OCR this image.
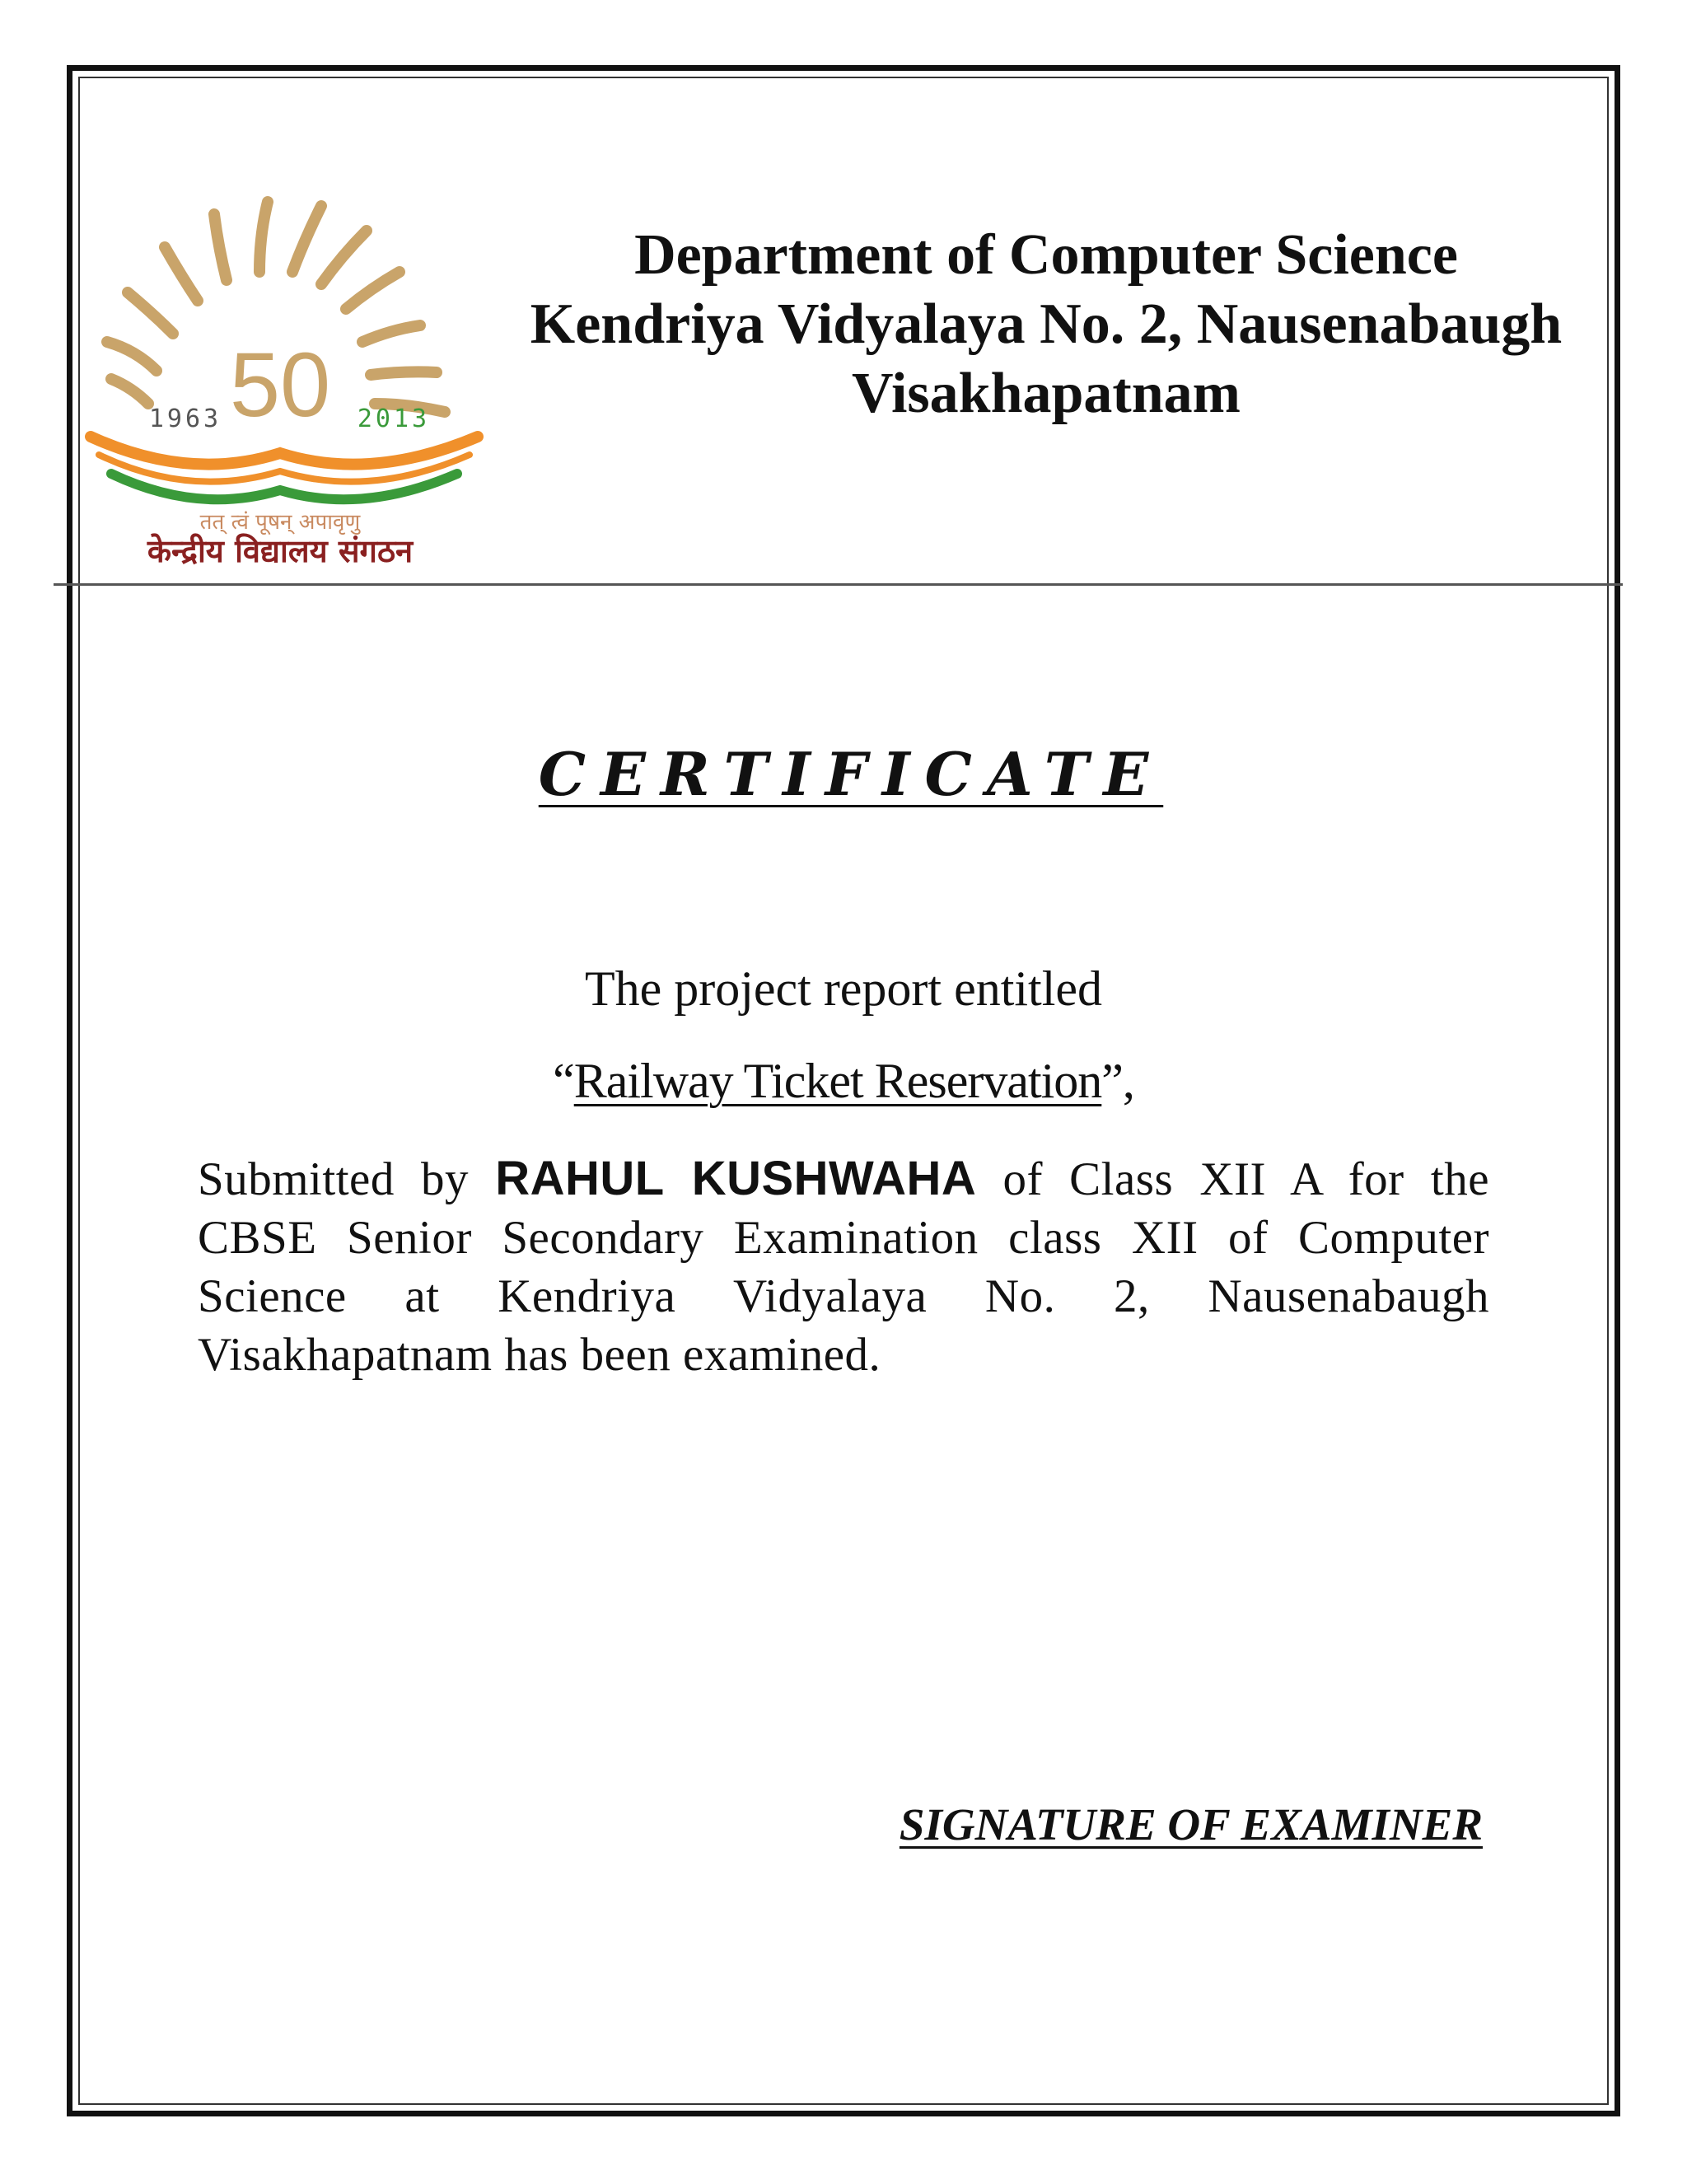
50
1963	2013
तत् त्वं पूषन् अपावृणु
केन्द्रीय विद्यालय संगठन
Department of Computer Science
Kendriya Vidyalaya No. 2, Nausenabaugh
Visakhapatnam
CERTIFICATE
The project report entitled
“Railway Ticket Reservation”,
Submitted by RAHUL KUSHWAHA of Class XII A for the CBSE Senior Secondary Examination class XII of Computer Science at Kendriya Vidyalaya No. 2, Nausenabaugh Visakhapatnam has been examined.
SIGNATURE OF EXAMINER
